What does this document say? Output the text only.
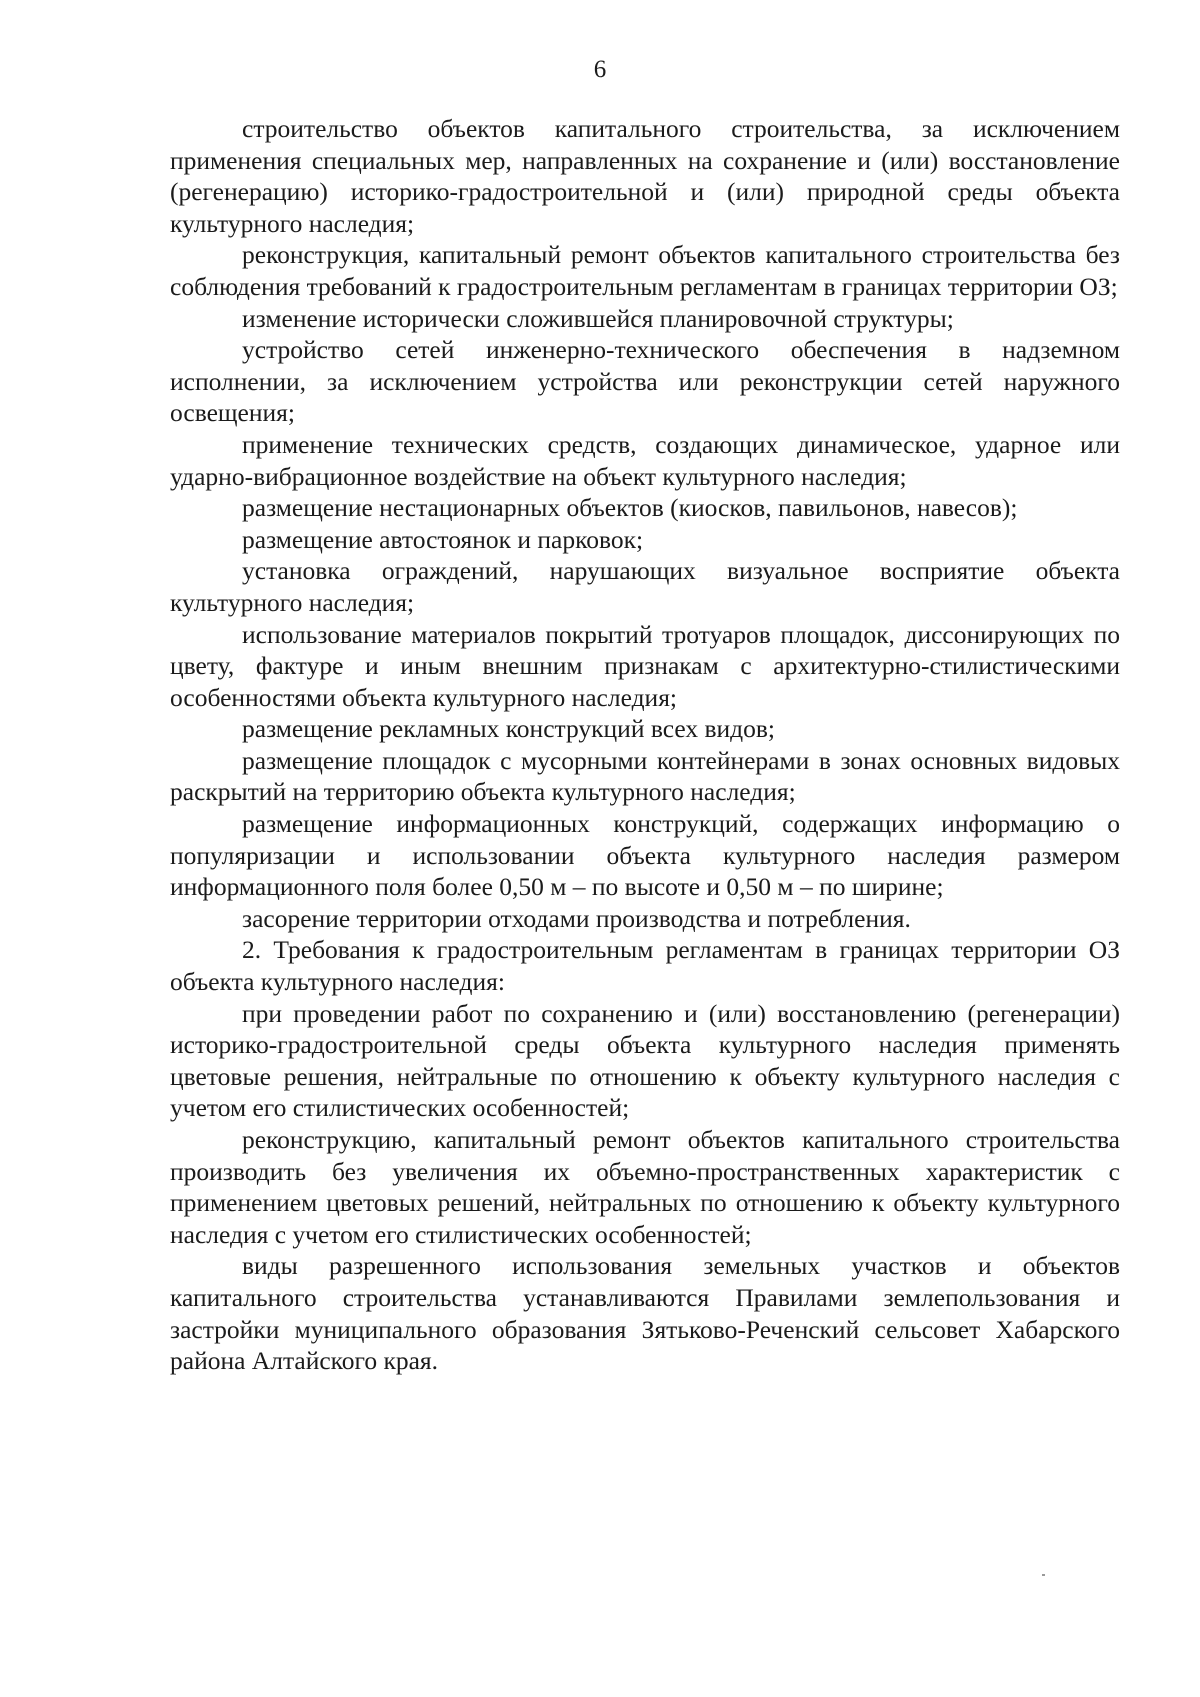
6

строительство объектов капитального строительства, за исключением применения специальных мер, направленных на сохранение и (или) восстановление (регенерацию) историко-градостроительной и (или) природной среды объекта культурного наследия;

реконструкция, капитальный ремонт объектов капитального строительства без соблюдения требований к градостроительным регламентам в границах территории ОЗ;

изменение исторически сложившейся планировочной структуры;

устройство сетей инженерно-технического обеспечения в надземном исполнении, за исключением устройства или реконструкции сетей наружного освещения;

применение технических средств, создающих динамическое, ударное или ударно-вибрационное воздействие на объект культурного наследия;

размещение нестационарных объектов (киосков, павильонов, навесов);

размещение автостоянок и парковок;

установка ограждений, нарушающих визуальное восприятие объекта культурного наследия;

использование материалов покрытий тротуаров площадок, диссонирующих по цвету, фактуре и иным внешним признакам с архитектурно-стилистическими особенностями объекта культурного наследия;

размещение рекламных конструкций всех видов;

размещение площадок с мусорными контейнерами в зонах основных видовых раскрытий на территорию объекта культурного наследия;

размещение информационных конструкций, содержащих информацию о популяризации и использовании объекта культурного наследия размером информационного поля более 0,50 м – по высоте и 0,50 м – по ширине;

засорение территории отходами производства и потребления.

2. Требования к градостроительным регламентам в границах территории ОЗ объекта культурного наследия:

при проведении работ по сохранению и (или) восстановлению (регенерации) историко-градостроительной среды объекта культурного наследия применять цветовые решения, нейтральные по отношению к объекту культурного наследия с учетом его стилистических особенностей;

реконструкцию, капитальный ремонт объектов капитального строительства производить без увеличения их объемно-пространственных характеристик с применением цветовых решений, нейтральных по отношению к объекту культурного наследия с учетом его стилистических особенностей;

виды разрешенного использования земельных участков и объектов капитального строительства устанавливаются Правилами землепользования и застройки муниципального образования Зятьково-Реченский сельсовет Хабарского района Алтайского края.
